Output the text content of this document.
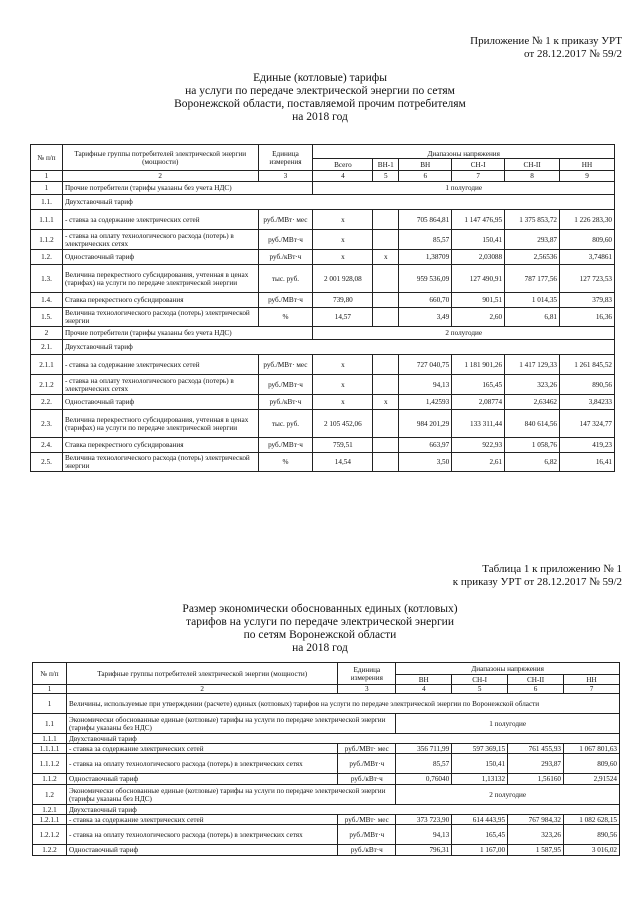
Приложение № 1 к приказу УРТ
от 28.12.2017 № 59/2
Единые (котловые) тарифы
на услуги по передаче электрической энергии по сетям
Воронежской области, поставляемой прочим потребителям
на 2018 год
№ п/п	Тарифные группы потребителей электрической энергии (мощности)	Единица измерения	Диапазоны напряжения					
			Всего	ВН-1	ВН	СН-I	СН-II	НН
1	2	3	4	5	6	7	8	9
1	Прочие потребители (тарифы указаны без учета НДС)		1 полугодие					
1.1.	Двухставочный тариф							
1.1.1	- ставка за содержание электрических сетей	руб./МВт· мес	x		705 864,81	1 147 476,95	1 375 853,72	1 226 283,30
1.1.2	- ставка на оплату технологического расхода (потерь) в электрических сетях	руб./МВт·ч	x		85,57	150,41	293,87	809,60
1.2.	Одноставочный тариф	руб./кВт·ч	x	x	1,38709	2,03088	2,56536	3,74861
1.3.	Величина перекрестного субсидирования, учтенная в ценах (тарифах) на услуги по передаче электрической энергии	тыс. руб.	2 001 928,08		959 536,09	127 490,91	787 177,56	127 723,53
1.4.	Ставка перекрестного субсидирования	руб./МВт·ч	739,80		660,70	901,51	1 014,35	379,83
1.5.	Величина технологического расхода (потерь) электрической энергии	%	14,57		3,49	2,60	6,81	16,36
2	Прочие потребители (тарифы указаны без учета НДС)		2 полугодие					
2.1.	Двухставочный тариф							
2.1.1	- ставка за содержание электрических сетей	руб./МВт· мес	x		727 040,75	1 181 901,26	1 417 129,33	1 261 845,52
2.1.2	- ставка на оплату технологического расхода (потерь) в электрических сетях	руб./МВт·ч	x		94,13	165,45	323,26	890,56
2.2.	Одноставочный тариф	руб./кВт·ч	x	x	1,42593	2,08774	2,63462	3,84233
2.3.	Величина перекрестного субсидирования, учтенная в ценах (тарифах) на услуги по передаче электрической энергии	тыс. руб.	2 105 452,06		984 201,29	133 311,44	840 614,56	147 324,77
2.4.	Ставка перекрестного субсидирования	руб./МВт·ч	759,51		663,97	922,93	1 058,76	419,23
2.5.	Величина технологического расхода (потерь) электрической энергии	%	14,54		3,50	2,61	6,82	16,41
Таблица 1 к приложению № 1
к приказу УРТ от 28.12.2017 № 59/2
Размер экономически обоснованных единых (котловых)
тарифов на услуги по передаче электрической энергии
по сетям Воронежской области
на 2018 год
№ п/п	Тарифные группы потребителей электрической энергии (мощности)	Единица измерения	Диапазоны напряжения			
			ВН	СН-I	СН-II	НН
1	2	3	4	5	6	7
1	Величины, используемые при утверждении (расчете) единых (котловых) тарифов на услуги по передаче электрической энергии по Воронежской области					
1.1	Экономически обоснованные единые (котловые) тарифы на услуги по передаче электрической энергии (тарифы указаны без НДС)		1 полугодие			
1.1.1	Двухставочный тариф					
1.1.1.1	- ставка за содержание электрических сетей	руб./МВт· мес	356 711,99	597 369,15	761 455,93	1 067 801,63
1.1.1.2	- ставка на оплату технологического расхода (потерь) в электрических сетях	руб./МВт·ч	85,57	150,41	293,87	809,60
1.1.2	Одноставочный тариф	руб./кВт·ч	0,76040	1,13132	1,56160	2,91524
1.2	Экономически обоснованные единые (котловые) тарифы на услуги по передаче электрической энергии (тарифы указаны без НДС)		2 полугодие			
1.2.1	Двухставочный тариф					
1.2.1.1	- ставка за содержание электрических сетей	руб./МВт· мес	373 723,90	614 443,95	767 984,32	1 082 628,15
1.2.1.2	- ставка на оплату технологического расхода (потерь) в электрических сетях	руб./МВт·ч	94,13	165,45	323,26	890,56
1.2.2	Одноставочный тариф	руб./кВт·ч	796,31	1 167,00	1 587,95	3 016,02
